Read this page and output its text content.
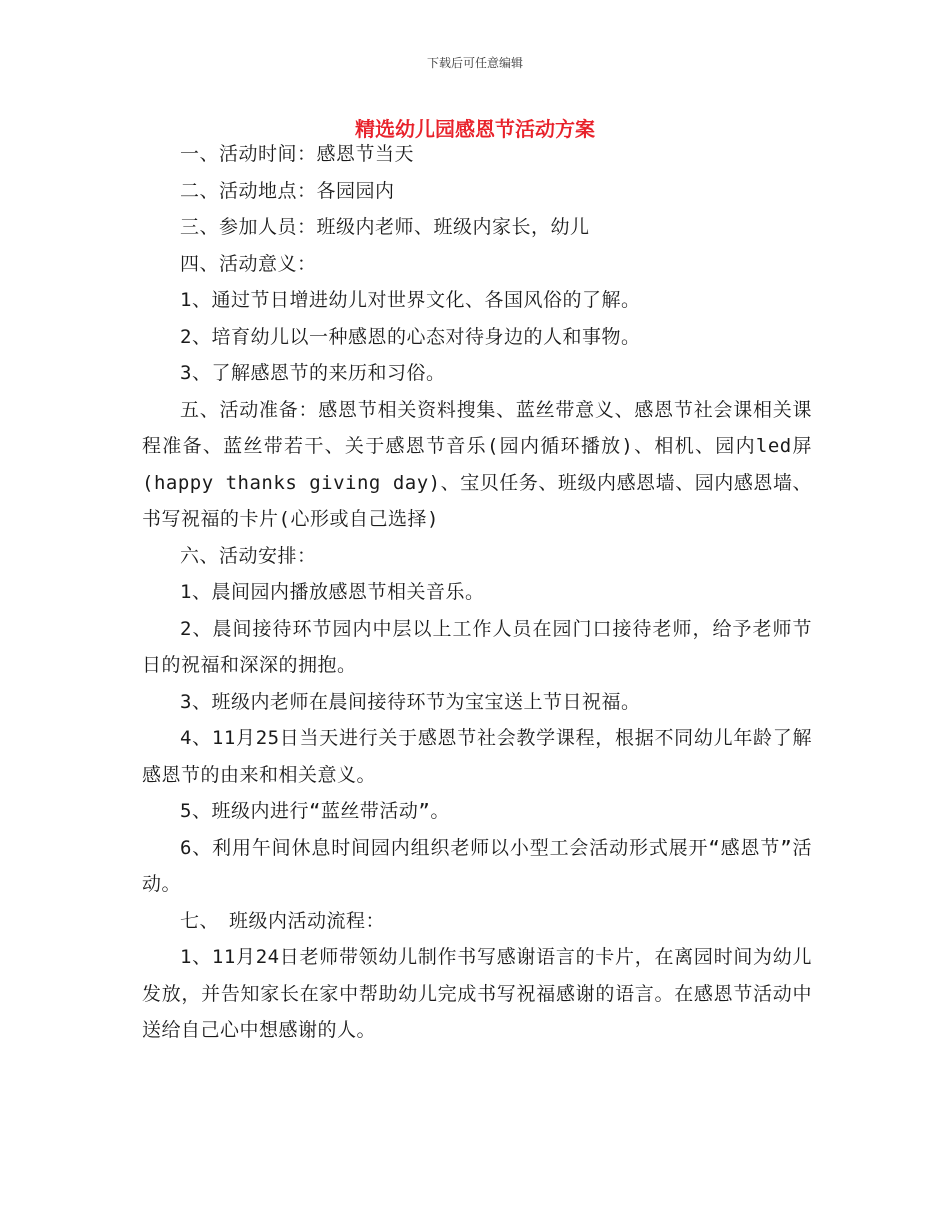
下载后可任意编辑
精选幼儿园感恩节活动方案

一、活动时间：感恩节当天

二、活动地点：各园园内

三、参加人员：班级内老师、班级内家长，幼儿

四、活动意义：

1、通过节日增进幼儿对世界文化、各国风俗的了解。

2、培育幼儿以一种感恩的心态对待身边的人和事物。

3、了解感恩节的来历和习俗。

五、活动准备：感恩节相关资料搜集、蓝丝带意义、感恩节社会课相关课程准备、蓝丝带若干、关于感恩节音乐(园内循环播放)、相机、园内led屏(happy thanks giving day)、宝贝任务、班级内感恩墙、园内感恩墙、书写祝福的卡片(心形或自己选择)

六、活动安排：

1、晨间园内播放感恩节相关音乐。

2、晨间接待环节园内中层以上工作人员在园门口接待老师，给予老师节日的祝福和深深的拥抱。

3、班级内老师在晨间接待环节为宝宝送上节日祝福。

4、11月25日当天进行关于感恩节社会教学课程，根据不同幼儿年龄了解感恩节的由来和相关意义。

5、班级内进行“蓝丝带活动”。

6、利用午间休息时间园内组织老师以小型工会活动形式展开“感恩节”活动。

七、　班级内活动流程：

1、11月24日老师带领幼儿制作书写感谢语言的卡片，在离园时间为幼儿发放，并告知家长在家中帮助幼儿完成书写祝福感谢的语言。在感恩节活动中送给自己心中想感谢的人。
